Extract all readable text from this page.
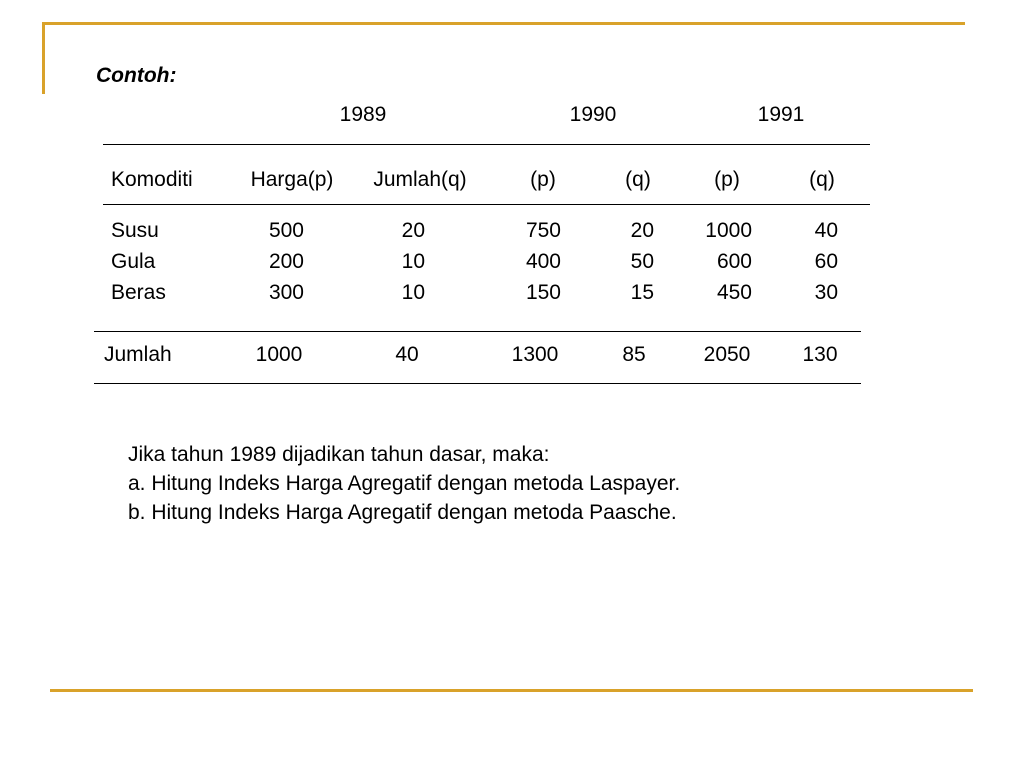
Contoh:
1989	1990	1991
Komoditi	Harga(p)	Jumlah(q)	(p)	(q)	(p)	(q)
Susu	500	20	750	20	1000	40
Gula	200	10	400	50	600	60
Beras	300	10	150	15	450	30
Jumlah	1000	40	1300	85	2050	130
Jika tahun 1989 dijadikan tahun dasar, maka:
a. Hitung Indeks Harga Agregatif dengan metoda Laspayer.
b. Hitung Indeks Harga Agregatif dengan metoda Paasche.
